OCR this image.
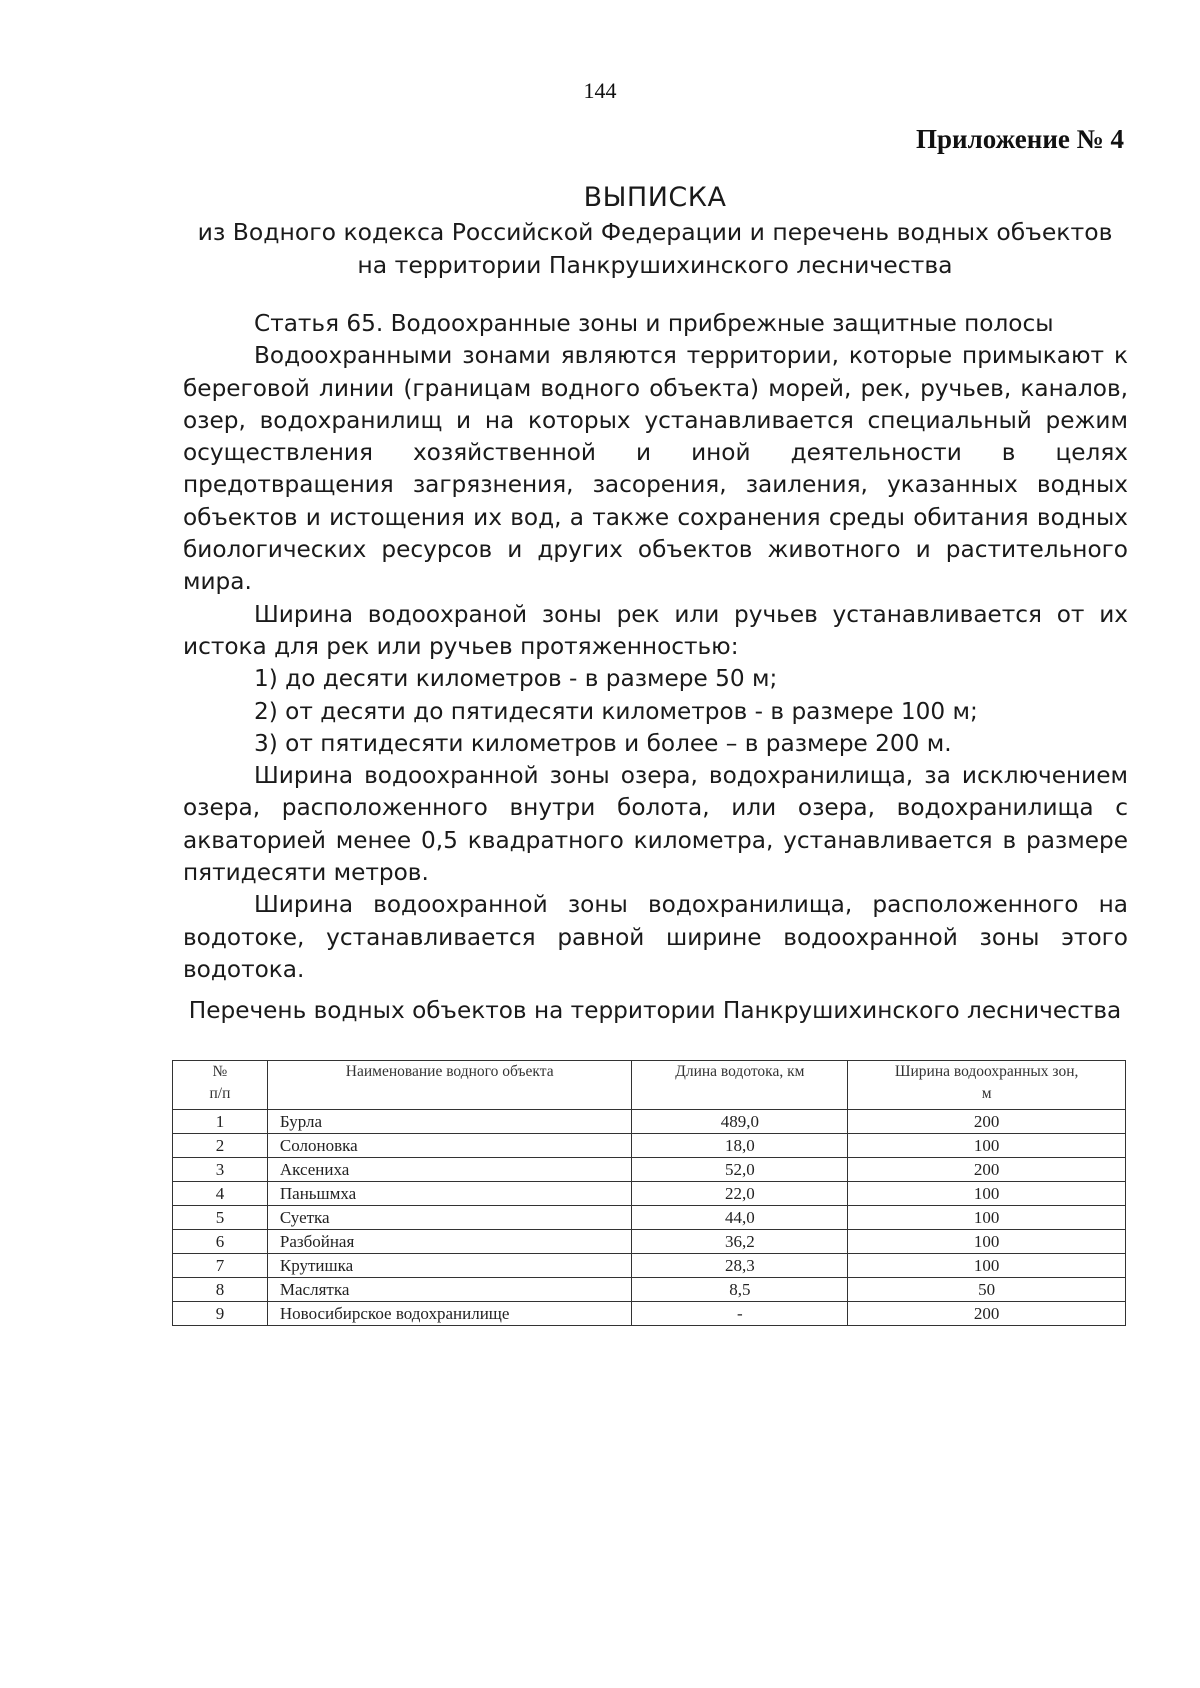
144
Приложение № 4
ВЫПИСКА
из Водного кодекса Российской Федерации и перечень водных объектов
на территории Панкрушихинского лесничества

Статья 65. Водоохранные зоны и прибрежные защитные полосы

Водоохранными зонами являются территории, которые примыкают к береговой линии (границам водного объекта) морей, рек, ручьев, каналов, озер, водохранилищ и на которых устанавливается специальный режим осуществления хозяйственной и иной деятельности в целях предотвращения загрязнения, засорения, заиления, указанных водных объектов и истощения их вод, а также сохранения среды обитания водных биологических ресурсов и других объектов животного и растительного мира.

Ширина водоохраной зоны рек или ручьев устанавливается от их истока для рек или ручьев протяженностью:

1) до десяти километров - в размере 50 м;

2) от десяти до пятидесяти километров - в размере 100 м;

3) от пятидесяти километров и более – в размере 200 м.

Ширина водоохранной зоны озера, водохранилища, за исключением озера, расположенного внутри болота, или озера, водохранилища с акваторией менее 0,5 квадратного километра, устанавливается в размере пятидесяти метров.

Ширина водоохранной зоны водохранилища, расположенного на водотоке, устанавливается равной ширине водоохранной зоны этого водотока.

Перечень водных объектов на территории Панкрушихинского лесничества
№
п/п	Наименование водного объекта	Длина водотока, км	Ширина водоохранных зон,
м
1	Бурла	489,0	200
2	Солоновка	18,0	100
3	Аксениха	52,0	200
4	Паньшмха	22,0	100
5	Суетка	44,0	100
6	Разбойная	36,2	100
7	Крутишка	28,3	100
8	Маслятка	8,5	50
9	Новосибирское водохранилище	-	200
